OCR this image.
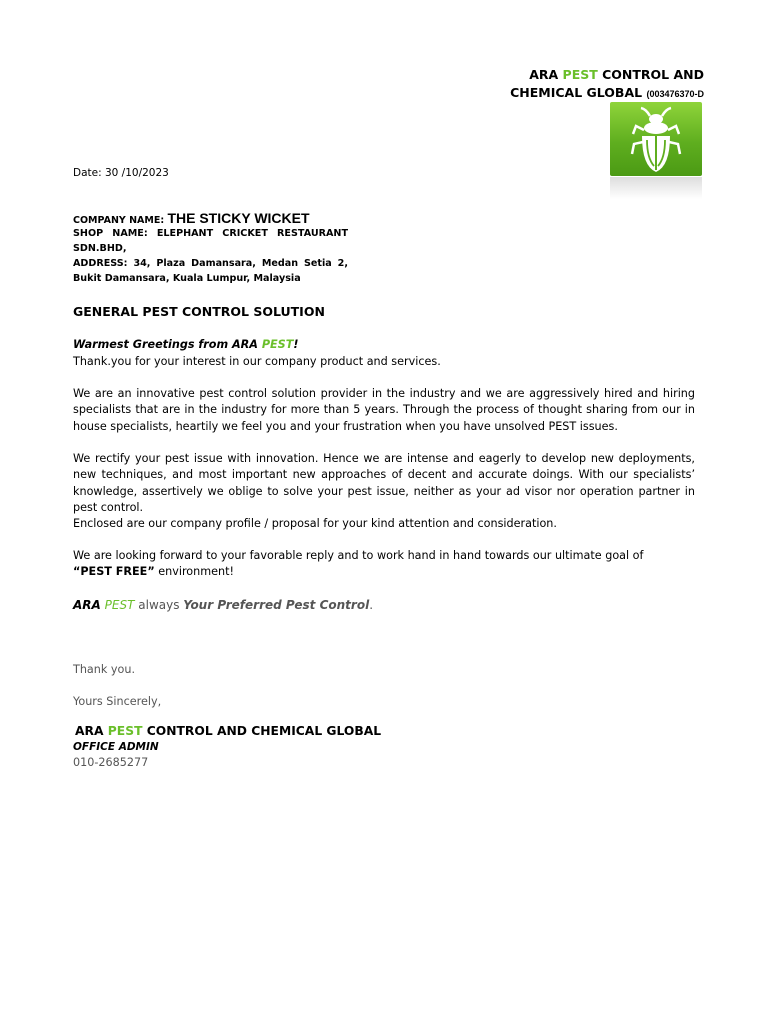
ARA PEST CONTROL AND
CHEMICAL GLOBAL (003476370-D
Date: 30 /10/2023
COMPANY NAME: THE STICKY WICKET
SHOP NAME: ELEPHANT CRICKET RESTAURANT
SDN.BHD,
ADDRESS: 34, Plaza Damansara, Medan Setia 2,
Bukit Damansara, Kuala Lumpur, Malaysia
GENERAL PEST CONTROL SOLUTION
Warmest Greetings from ARA PEST!
Thank.you for your interest in our company product and services.
We are an innovative pest control solution provider in the industry and we are aggressively hired and hiring specialists that are in the industry for more than 5 years. Through the process of thought sharing from our in house specialists, heartily we feel you and your frustration when you have unsolved PEST issues.
We rectify your pest issue with innovation. Hence we are intense and eagerly to develop new deployments, new techniques, and most important new approaches of decent and accurate doings. With our specialists’ knowledge, assertively we oblige to solve your pest issue, neither as your ad visor nor operation partner in pest control.
Enclosed are our company profile / proposal for your kind attention and consideration.
We are looking forward to your favorable reply and to work hand in hand towards our ultimate goal of
“PEST FREE” environment!
ARA PEST always Your Preferred Pest Control.
Thank you.
Yours Sincerely,
ARA PEST CONTROL AND CHEMICAL GLOBAL
OFFICE ADMIN
010-2685277
